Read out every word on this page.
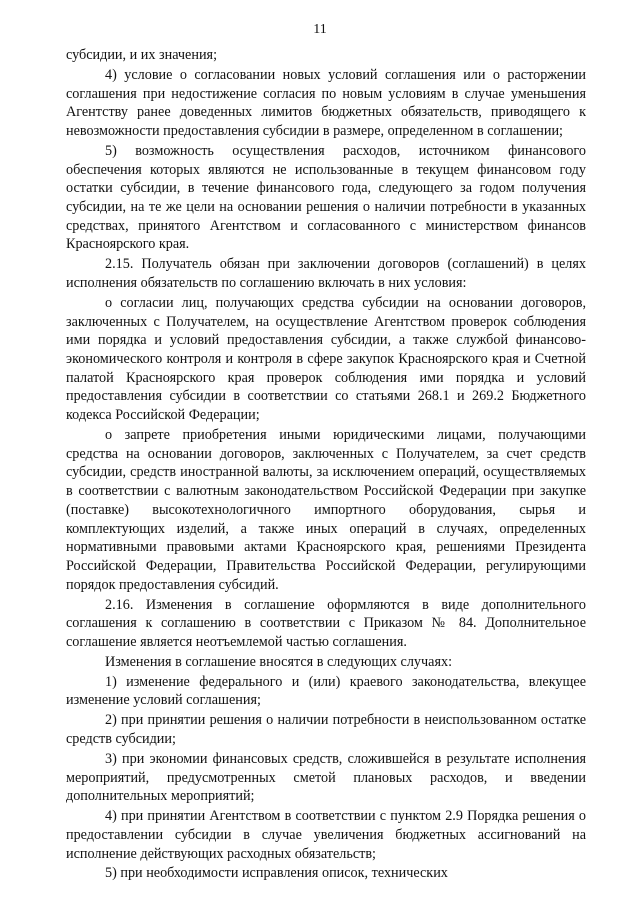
11

субсидии, и их значения;

4) условие о согласовании новых условий соглашения или о расторжении соглашения при недостижение согласия по новым условиям в случае уменьшения Агентству ранее доведенных лимитов бюджетных обязательств, приводящего к невозможности предоставления субсидии в размере, определенном в соглашении;

5) возможность осуществления расходов, источником финансового обеспечения которых являются не использованные в текущем финансовом году остатки субсидии, в течение финансового года, следующего за годом получения субсидии, на те же цели на основании решения о наличии потребности в указанных средствах, принятого Агентством и согласованного с министерством финансов Красноярского края.

2.15. Получатель обязан при заключении договоров (соглашений) в целях исполнения обязательств по соглашению включать в них условия:

о согласии лиц, получающих средства субсидии на основании договоров, заключенных с Получателем, на осуществление Агентством проверок соблюдения ими порядка и условий предоставления субсидии, а также службой финансово-экономического контроля и контроля в сфере закупок Красноярского края и Счетной палатой Красноярского края проверок соблюдения ими порядка и условий предоставления субсидии в соответствии со статьями 268.1 и 269.2 Бюджетного кодекса Российской Федерации;

о запрете приобретения иными юридическими лицами, получающими средства на основании договоров, заключенных с Получателем, за счет средств субсидии, средств иностранной валюты, за исключением операций, осуществляемых в соответствии с валютным законодательством Российской Федерации при закупке (поставке) высокотехнологичного импортного оборудования, сырья и комплектующих изделий, а также иных операций в случаях, определенных нормативными правовыми актами Красноярского края, решениями Президента Российской Федерации, Правительства Российской Федерации, регулирующими порядок предоставления субсидий.

2.16. Изменения в соглашение оформляются в виде дополнительного соглашения к соглашению в соответствии с Приказом № 84. Дополнительное соглашение является неотъемлемой частью соглашения.

Изменения в соглашение вносятся в следующих случаях:

1) изменение федерального и (или) краевого законодательства, влекущее изменение условий соглашения;

2) при принятии решения о наличии потребности в неиспользованном остатке средств субсидии;

3) при экономии финансовых средств, сложившейся в результате исполнения мероприятий, предусмотренных сметой плановых расходов, и введении дополнительных мероприятий;

4) при принятии Агентством в соответствии с пунктом 2.9 Порядка решения о предоставлении субсидии в случае увеличения бюджетных ассигнований на исполнение действующих расходных обязательств;

5) при необходимости исправления описок, технических
